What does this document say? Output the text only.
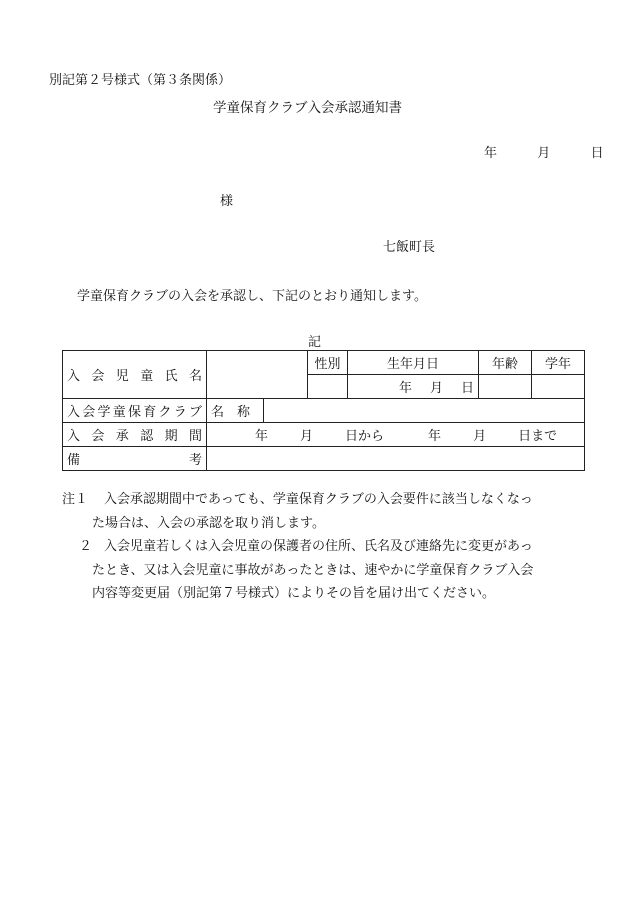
別記第２号様式（第３条関係）
学童保育クラブ入会承認通知書
年	月	日
様
七飯町長
学童保育クラブの入会を承認し、下記のとおり通知します。
記
入 会 児 童 氏 名			性別	生年月日	年齢	学年
				年 月 日		
入会学童保育クラブ	名　称					
入 会 承 認 期 間	年 月 日から 年 月 日まで					
備　　　　考						
注１ 入会承認期間中であっても、学童保育クラブの入会要件に該当しなくなっ
た場合は、入会の承認を取り消します。
２ 入会児童若しくは入会児童の保護者の住所、氏名及び連絡先に変更があっ
たとき、又は入会児童に事故があったときは、速やかに学童保育クラブ入会
内容等変更届（別記第７号様式）によりその旨を届け出てください。
